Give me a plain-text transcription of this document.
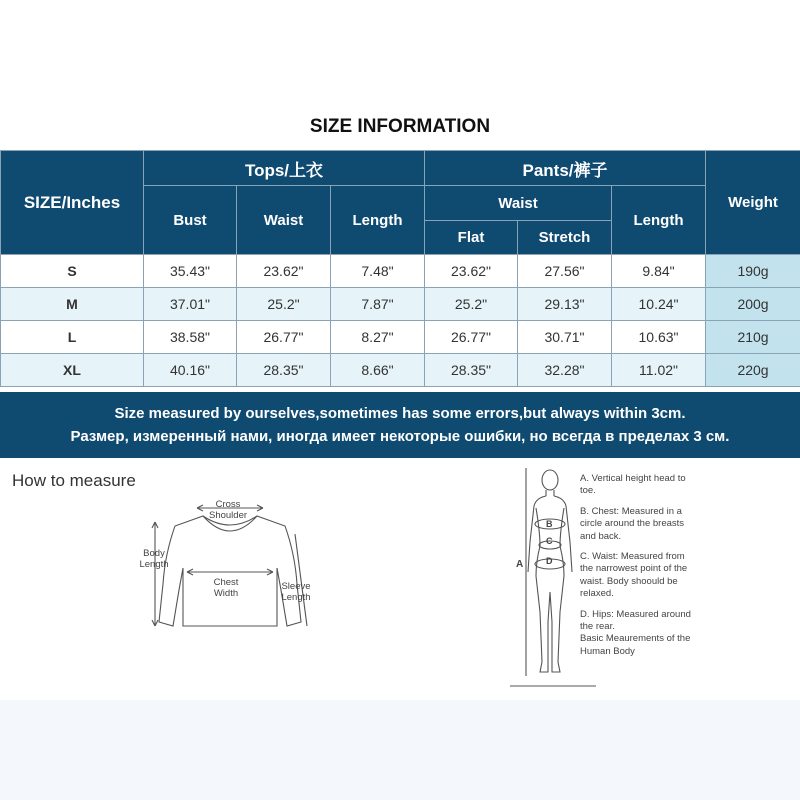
SIZE INFORMATION
SIZE/Inches	Tops/上衣			Pants/裤子			Weight
	Bust	Waist	Length	Waist		Length	
				Flat	Stretch		
S	35.43"	23.62"	7.48"	23.62"	27.56"	9.84"	190g
M	37.01"	25.2"	7.87"	25.2"	29.13"	10.24"	200g
L	38.58"	26.77"	8.27"	26.77"	30.71"	10.63"	210g
XL	40.16"	28.35"	8.66"	28.35"	32.28"	11.02"	220g
Size measured by ourselves,sometimes has some errors,but always within 3cm.
Размер, измеренный нами, иногда имеет некоторые ошибки, но всегда в пределах 3 см.
How to measure
Cross Shoulder
Body Length
Chest Width
Sleeve Length
A
B
C
D
A. Vertical height head to toe.
B. Chest: Measured in a circle around the breasts and back.
C. Waist: Measured from the narrowest point of the waist. Body shoould be relaxed.
D. Hips: Measured around the rear.
Basic Meaurements of the Human Body
